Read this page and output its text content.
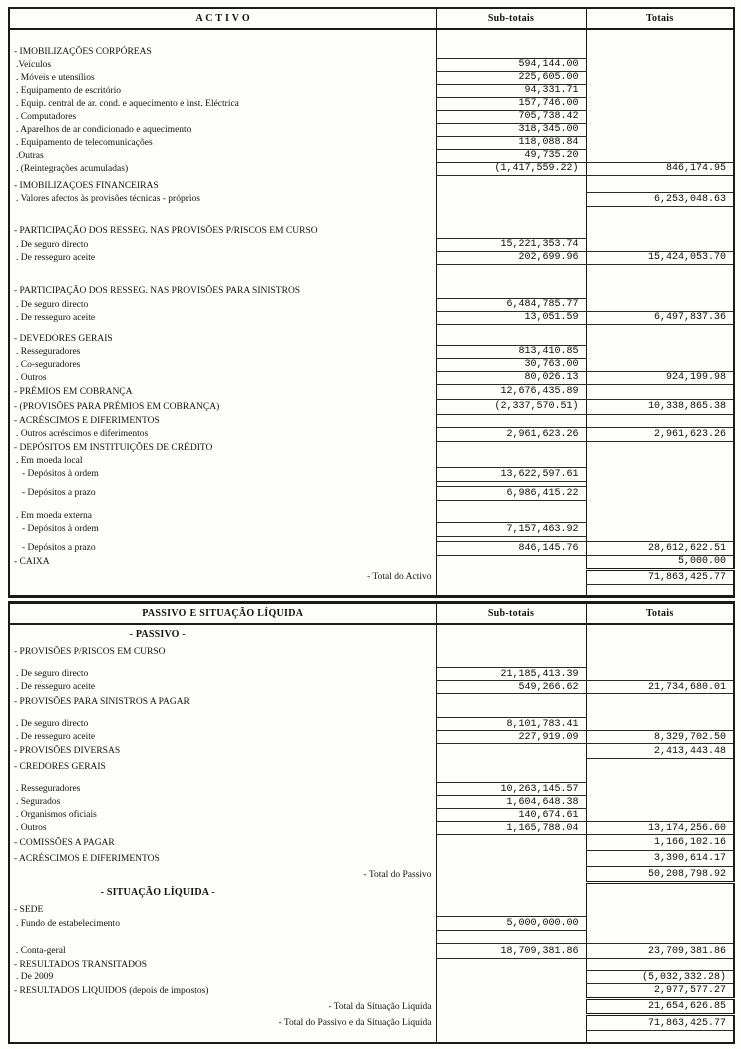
A C T I V O	Sub-totais	Totais

- IMOBILIZAÇÕES CORPÓREAS		
.Veículos	594,144.00	
. Móveis e utensílios	225,605.00	
. Equipamento de escritório	94,331.71	
. Equip. central de ar. cond. e aquecimento e inst. Eléctrica	157,746.00	
. Computadores	705,738.42	
. Aparelhos de ar condicionado e aquecimento	318,345.00	
. Equipamento de telecomunicações	118,088.84	
.Outras	49,735.20	
. (Reintegrações acumuladas)	(1,417,559.22)	846,174.95

- IMOBILIZAÇOES FINANCEIRAS		
. Valores afectos às provisões técnicas - próprios		6,253,048.63

- PARTICIPAÇÃO DOS RESSEG. NAS PROVISÕES P/RISCOS EM CURSO		
. De seguro directo	15,221,353.74	
. De resseguro aceite	202,699.96	15,424,053.70

- PARTICIPAÇÃO DOS RESSEG. NAS PROVISÕES PARA SINISTROS		
. De seguro directo	6,484,785.77	
. De resseguro aceite	13,051.59	6,497,837.36

- DEVEDORES GERAIS		
. Resseguradores	813,410.85	
. Co-seguradores	30,763.00	
. Outros	80,026.13	924,199.98
- PRÉMIOS EM COBRANÇA	12,676,435.89	
- (PROVISÕES PARA PRÉMIOS EM COBRANÇA)	(2,337,570.51)	10,338,865.38
- ACRÉSCIMOS E DIFERIMENTOS		
. Outros acréscimos e diferimentos	2,961,623.26	2,961,623.26
- DEPÓSITOS EM INSTITUIÇÕES DE CRÉDITO		
. Em moeda local		
- Depósitos à ordem	13,622,597.61	

- Depósitos a prazo	6,986,415.22	

. Em moeda externa		
- Depósitos à ordem	7,157,463.92	

- Depósitos a prazo	846,145.76	28,612,622.51
- CAIXA		5,000.00
- Total do Activo		71,863,425.77

PASSIVO E SITUAÇÃO LÍQUIDA	Sub-totais	Totais
- PASSIVO -		
- PROVISÕES P/RISCOS EM CURSO		

. De seguro directo	21,185,413.39	
. De resseguro aceite	549,266.62	21,734,680.01
- PROVISÕES PARA SINISTROS A PAGAR		

. De seguro directo	8,101,783.41	
. De resseguro aceite	227,919.09	8,329,702.50
- PROVISÕES DIVERSAS		2,413,443.48
- CREDORES GERAIS		

. Resseguradores	10,263,145.57	
. Segurados	1,604,648.38	
. Organismos oficiais	140,674.61	
. Outros	1,165,788.04	13,174,256.60
- COMISSÕES A PAGAR		1,166,102.16
- ACRÉSCIMOS E DIFERIMENTOS		3,390,614.17
- Total do Passivo		50,208,798.92
- SITUAÇÃO LÍQUIDA -		
- SEDE		
. Fundo de estabelecimento	5,000,000.00	

. Conta-geral	18,709,381.86	23,709,381.86
- RESULTADOS TRANSITADOS		
. De 2009		(5,032,332.28)
- RESULTADOS LIQUIDOS (depois de impostos)		2,977,577.27
- Total da Situação Liquida		21,654,626.85
- Total do Passivo e da Situação Liquida		71,863,425.77
